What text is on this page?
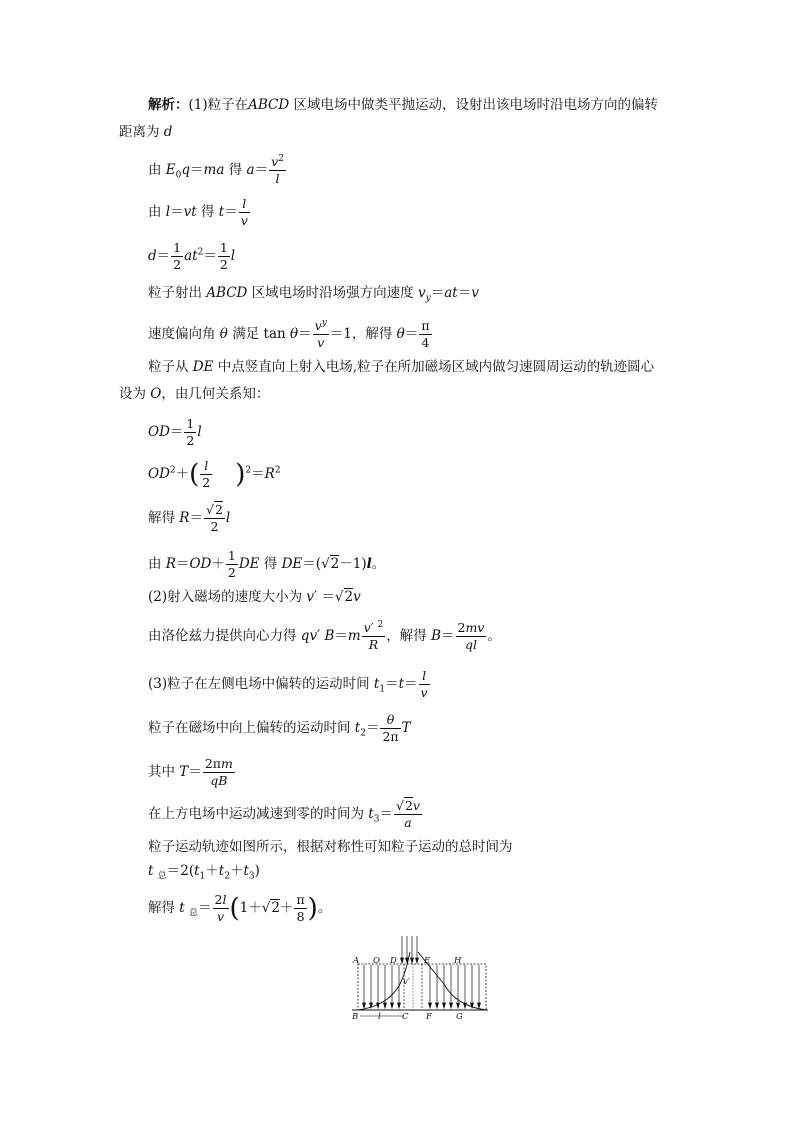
解析：(1)粒子在ABCD 区域电场中做类平抛运动，设射出该电场时沿电场方向的偏转
距离为 d
由 $E_0q=ma$ 得 $a= \frac{v^2}{l}$
由 l＝vt 得 $t= \frac{l}{v}$
$d= \frac{1}{2} at^2= \frac{1}{2}$ l
粒子射出 ABCD 区域电场时沿场强方向速度 $v_y=at=v$
速度偏向角 θ 满足 $\tan \theta= \frac{v^y}{v} =1$，解得 $\theta= \frac{\pi}{4}$
粒子从 DE 中点竖直向上射入电场,粒子在所加磁场区域内做匀速圆周运动的轨迹圆心
设为 O，由几何关系知：
$OD= \frac{1}{2}$ l
$OD^2+( \frac{l}{2} )^2=R^2$
解得 $R= \frac{√2}{2}$ l
由 $R=OD+ \frac{1}{2}$ DE 得 DE＝(√2－1)l。
(2)射入磁场的速度大小为 v′ ＝√2v
由洛伦兹力提供向心力得 qv′ $B=m \frac{v' ^2}{R}$ ，解得 $B= \frac{2mv}{ql}$ 。
(3)粒子在左侧电场中偏转的运动时间 $t_1=t= \frac{l}{v}$
粒子在磁场中向上偏转的运动时间 $t_2= \frac{\theta}{2\pi}$ T
其中 $T= \frac{2\pi m}{qB}$
在上方电场中运动减速到零的时间为 $t_3= \frac{√2v}{a}$
粒子运动轨迹如图所示，根据对称性可知粒子运动的总时间为
t $_总=2(t_1+t_2+t_3)$
解得 t $_总= \frac{2l}{v} (1+√2+ \frac{\pi}{8}$ )。
A O D	E	H
B l	C F	G
v′
